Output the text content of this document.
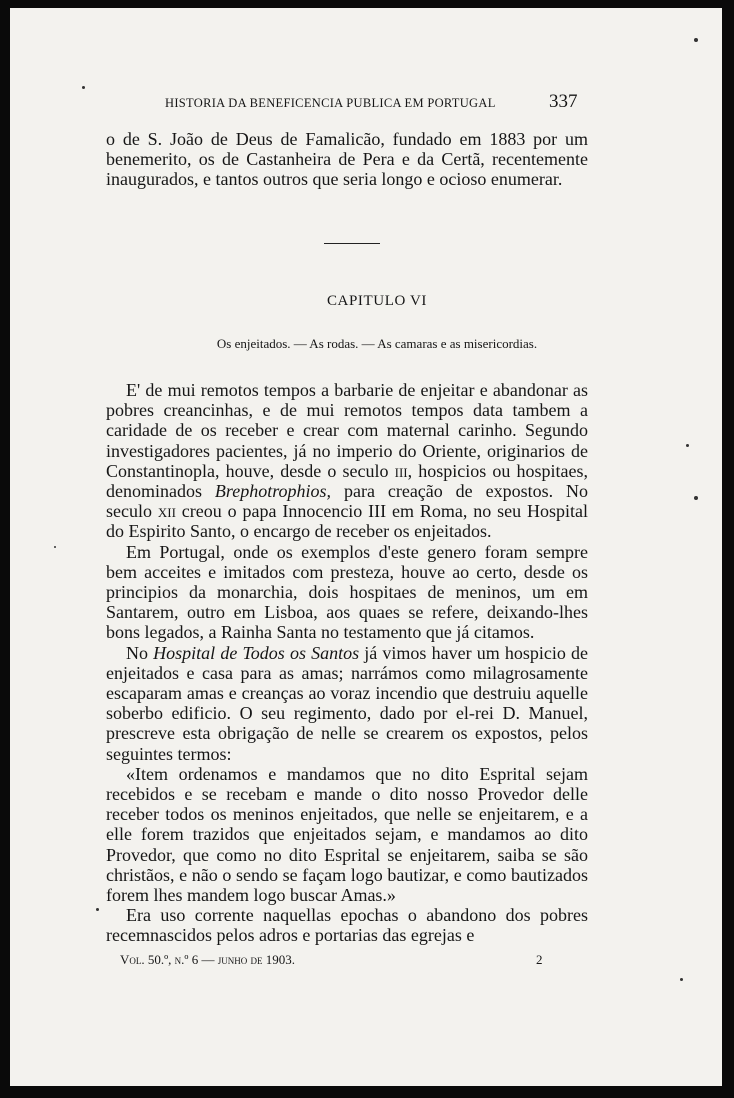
HISTORIA DA BENEFICENCIA PUBLICA EM PORTUGAL	337

o de S. João de Deus de Famalicão, fundado em 1883 por um benemerito, os de Castanheira de Pera e da Certã, recentemente inaugurados, e tantos outros que seria longo e ocioso enumerar.

CAPITULO VI
Os enjeitados. — As rodas. — As camaras e as misericordias.

E' de mui remotos tempos a barbarie de enjeitar e abandonar as pobres creancinhas, e de mui remotos tempos data tambem a caridade de os receber e crear com maternal carinho. Segundo investigadores pacientes, já no imperio do Oriente, originarios de Constantinopla, houve, desde o seculo iii, hospicios ou hospitaes, denominados Brephotrophios, para creação de expostos. No seculo xii creou o papa Innocencio III em Roma, no seu Hospital do Espirito Santo, o encargo de receber os enjeitados.

Em Portugal, onde os exemplos d'este genero foram sempre bem acceites e imitados com presteza, houve ao certo, desde os principios da monarchia, dois hospitaes de meninos, um em Santarem, outro em Lisboa, aos quaes se refere, deixando-lhes bons legados, a Rainha Santa no testamento que já citamos.

No Hospital de Todos os Santos já vimos haver um hospicio de enjeitados e casa para as amas; narrámos como milagrosamente escaparam amas e creanças ao voraz incendio que destruiu aquelle soberbo edificio. O seu regimento, dado por el-rei D. Manuel, prescreve esta obrigação de nelle se crearem os expostos, pelos seguintes termos:

«Item ordenamos e mandamos que no dito Esprital sejam recebidos e se recebam e mande o dito nosso Provedor delle receber todos os meninos enjeitados, que nelle se enjeitarem, e a elle forem trazidos que enjeitados sejam, e mandamos ao dito Provedor, que como no dito Esprital se enjeitarem, saiba se são christãos, e não o sendo se façam logo bautizar, e como bautizados forem lhes mandem logo buscar Amas.»

Era uso corrente naquellas epochas o abandono dos pobres recemnascidos pelos adros e portarias das egrejas e

Vol. 50.º, n.º 6 — junho de 1903.	2
